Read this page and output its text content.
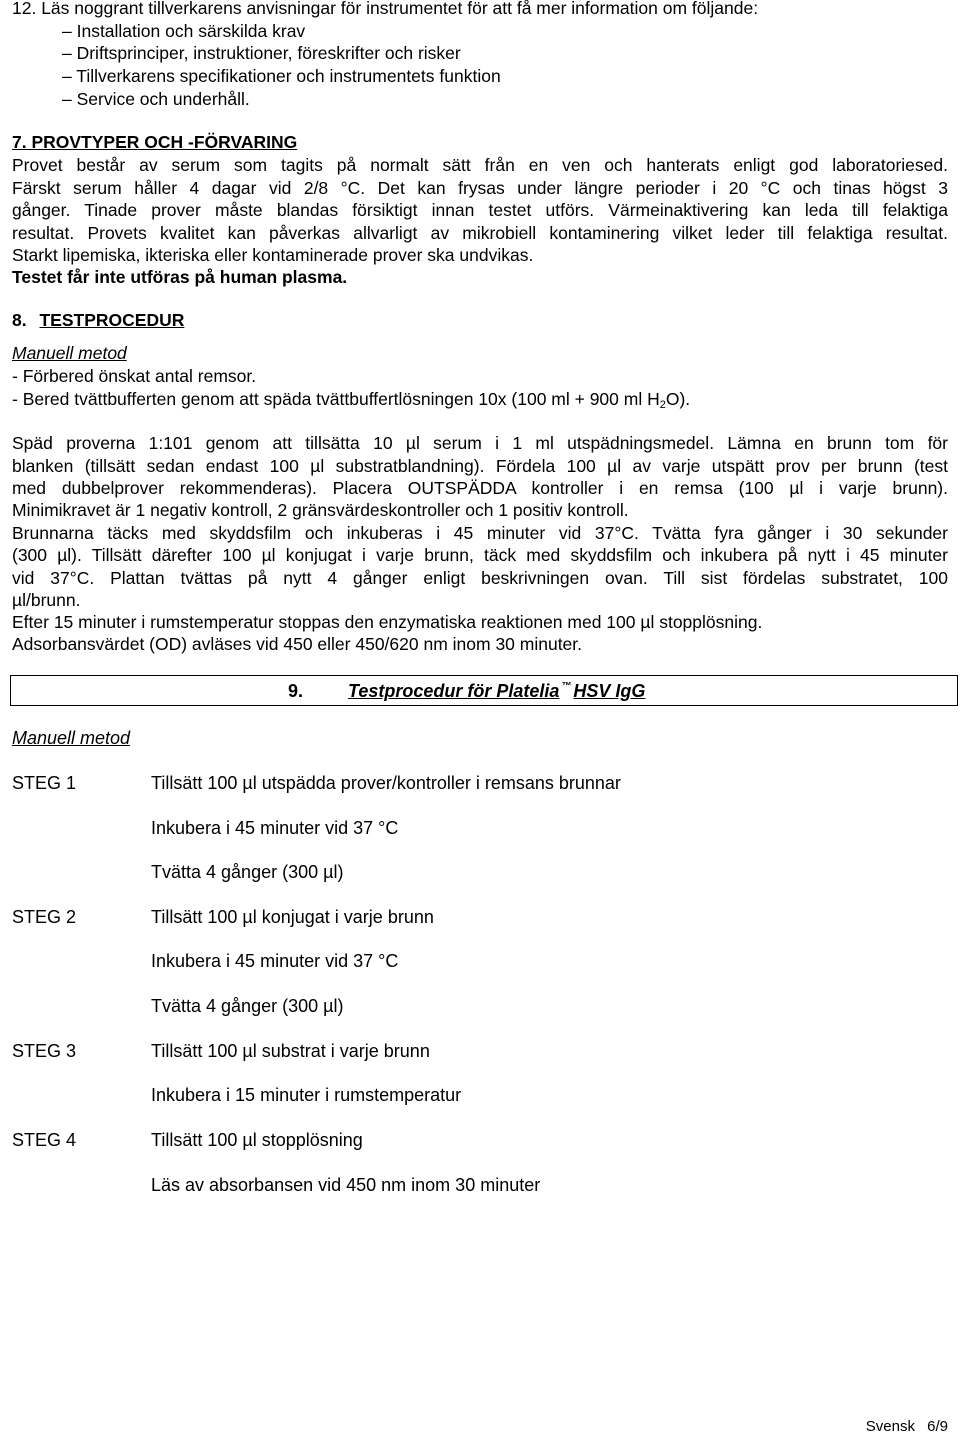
12. Läs noggrant tillverkarens anvisningar för instrumentet för att få mer information om följande:
– Installation och särskilda krav
– Driftsprinciper, instruktioner, föreskrifter och risker
– Tillverkarens specifikationer och instrumentets funktion
– Service och underhåll.
7. PROVTYPER OCH -FÖRVARING
Provet består av serum som tagits på normalt sätt från en ven och hanterats enligt god laboratoriesed.
Färskt serum håller 4 dagar vid 2/8 °C. Det kan frysas under längre perioder i 20 °C och tinas högst 3
gånger. Tinade prover måste blandas försiktigt innan testet utförs. Värmeinaktivering kan leda till felaktiga
resultat. Provets kvalitet kan påverkas allvarligt av mikrobiell kontaminering vilket leder till felaktiga resultat.
Starkt lipemiska, ikteriska eller kontaminerade prover ska undvikas.
Testet får inte utföras på human plasma.
8. TESTPROCEDUR
Manuell metod
- Förbered önskat antal remsor.
- Bered tvättbufferten genom att späda tvättbuffertlösningen 10x (100 ml + 900 ml $H_2O$).
Späd proverna 1:101 genom att tillsätta 10 µl serum i 1 ml utspädningsmedel. Lämna en brunn tom för
blanken (tillsätt sedan endast 100 µl substratblandning). Fördela 100 µl av varje utspätt prov per brunn (test
med dubbelprover rekommenderas). Placera OUTSPÄDDA kontroller i en remsa (100 µl i varje brunn).
Minimikravet är 1 negativ kontroll, 2 gränsvärdeskontroller och 1 positiv kontroll.
Brunnarna täcks med skyddsfilm och inkuberas i 45 minuter vid 37°C. Tvätta fyra gånger i 30 sekunder
(300 µl). Tillsätt därefter 100 µl konjugat i varje brunn, täck med skyddsfilm och inkubera på nytt i 45 minuter
vid 37°C. Plattan tvättas på nytt 4 gånger enligt beskrivningen ovan. Till sist fördelas substratet, 100
µl/brunn.
Efter 15 minuter i rumstemperatur stoppas den enzymatiska reaktionen med 100 µl stopplösning.
Adsorbansvärdet (OD) avläses vid 450 eller 450/620 nm inom 30 minuter.
9.	Testprocedur för Platelia ™ HSV IgG
Manuell metod
STEG 1	Tillsätt 100 µl utspädda prover/kontroller i remsans brunnar
Inkubera i 45 minuter vid 37 °C
Tvätta 4 gånger (300 µl)
STEG 2	Tillsätt 100 µl konjugat i varje brunn
Inkubera i 45 minuter vid 37 °C
Tvätta 4 gånger (300 µl)
STEG 3	Tillsätt 100 µl substrat i varje brunn
Inkubera i 15 minuter i rumstemperatur
STEG 4	Tillsätt 100 µl stopplösning
Läs av absorbansen vid 450 nm inom 30 minuter
Svensk 6/9
